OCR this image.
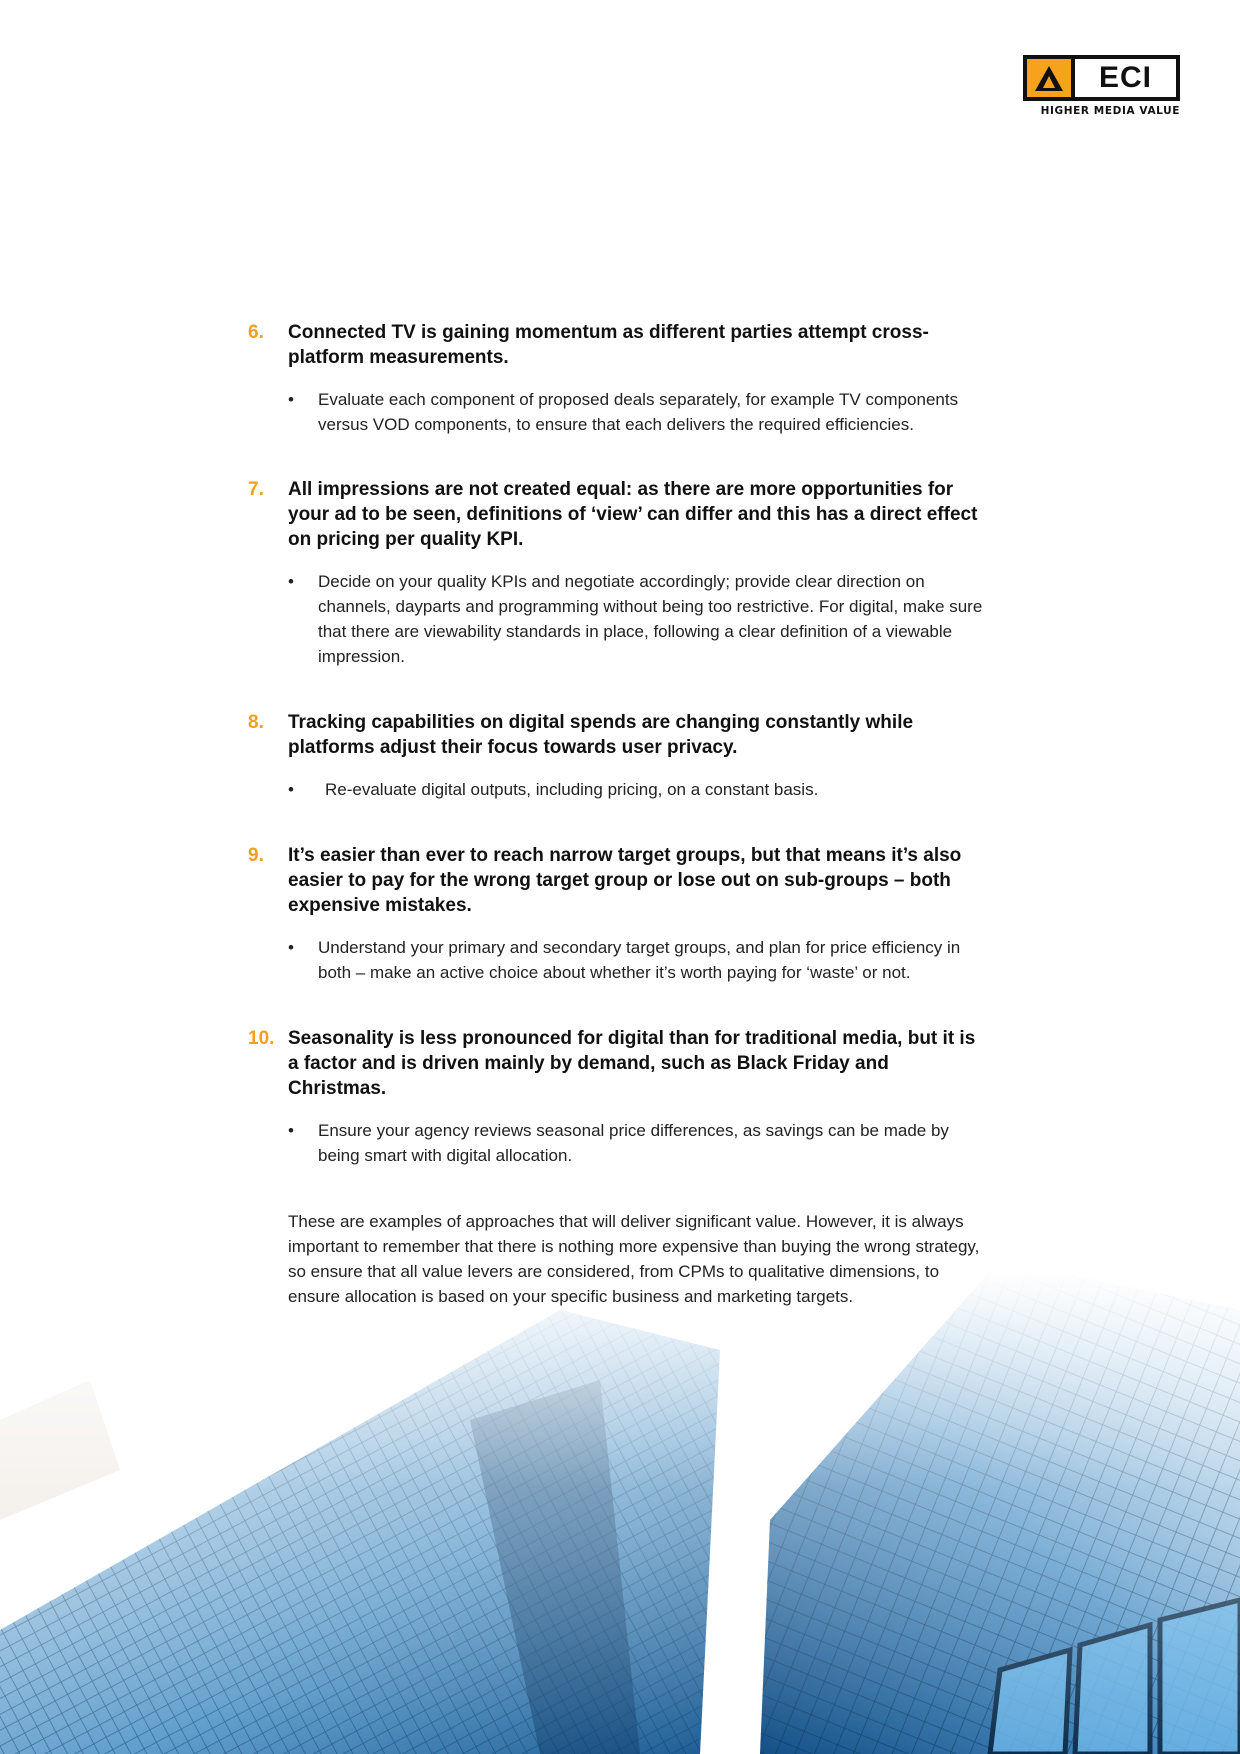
ECI
HIGHER MEDIA VALUE
6. Connected TV is gaining momentum as different parties attempt cross-platform measurements.

• Evaluate each component of proposed deals separately, for example TV components versus VOD components, to ensure that each delivers the required efficiencies.
7. All impressions are not created equal: as there are more opportunities for your ad to be seen, definitions of ‘view’ can differ and this has a direct effect on pricing per quality KPI.

• Decide on your quality KPIs and negotiate accordingly; provide clear direction on channels, dayparts and programming without being too restrictive. For digital, make sure that there are viewability standards in place, following a clear definition of a viewable impression.
8. Tracking capabilities on digital spends are changing constantly while platforms adjust their focus towards user privacy.

• Re-evaluate digital outputs, including pricing, on a constant basis.
9. It’s easier than ever to reach narrow target groups, but that means it’s also easier to pay for the wrong target group or lose out on sub-groups – both expensive mistakes.

• Understand your primary and secondary target groups, and plan for price efficiency in both – make an active choice about whether it’s worth paying for ‘waste’ or not.
10. Seasonality is less pronounced for digital than for traditional media, but it is a factor and is driven mainly by demand, such as Black Friday and Christmas.

• Ensure your agency reviews seasonal price differences, as savings can be made by being smart with digital allocation.

These are examples of approaches that will deliver significant value. However, it is always important to remember that there is nothing more expensive than buying the wrong strategy, so ensure that all value levers are considered, from CPMs to qualitative dimensions, to ensure allocation is based on your specific business and marketing targets.
